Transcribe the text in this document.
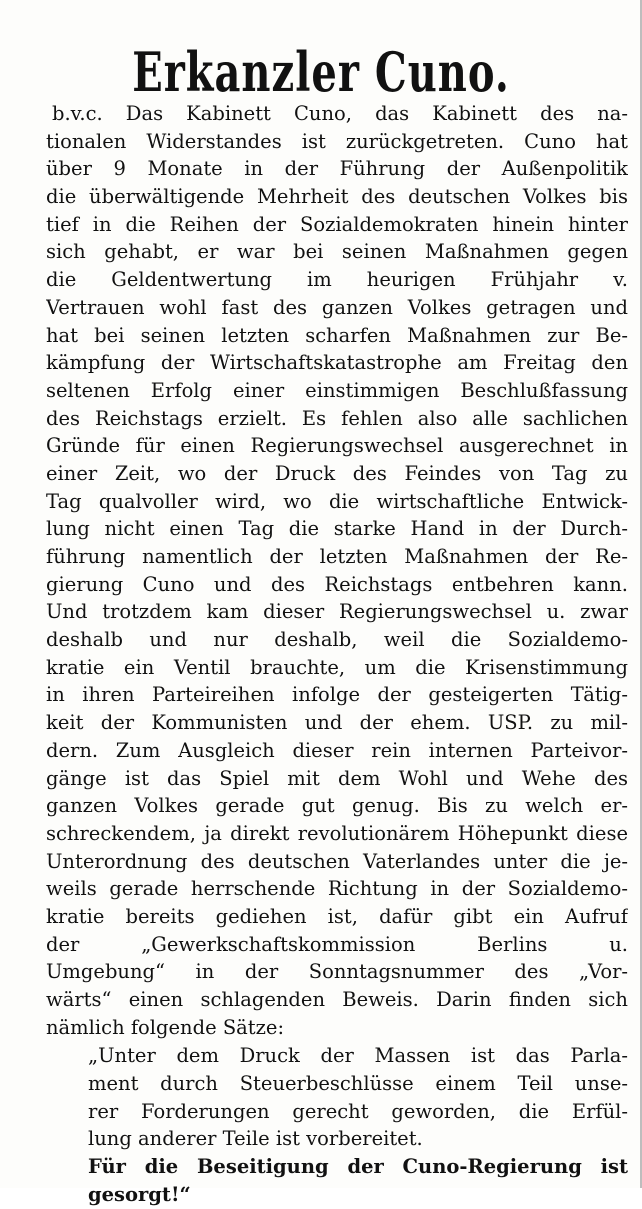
Erkanzler Cuno.
b.v.c. Das Kabinett Cuno, das Kabinett des na-
tionalen Widerstandes ist zurückgetreten. Cuno hat
über 9 Monate in der Führung der Außenpolitik
die überwältigende Mehrheit des deutschen Volkes bis
tief in die Reihen der Sozialdemokraten hinein hinter
sich gehabt, er war bei seinen Maßnahmen gegen
die Geldentwertung im heurigen Frühjahr v.
Vertrauen wohl fast des ganzen Volkes getragen und
hat bei seinen letzten scharfen Maßnahmen zur Be-
kämpfung der Wirtschaftskatastrophe am Freitag den
seltenen Erfolg einer einstimmigen Beschlußfassung
des Reichstags erzielt. Es fehlen also alle sachlichen
Gründe für einen Regierungswechsel ausgerechnet in
einer Zeit, wo der Druck des Feindes von Tag zu
Tag qualvoller wird, wo die wirtschaftliche Entwick-
lung nicht einen Tag die starke Hand in der Durch-
führung namentlich der letzten Maßnahmen der Re-
gierung Cuno und des Reichstags entbehren kann.
Und trotzdem kam dieser Regierungswechsel u. zwar
deshalb und nur deshalb, weil die Sozialdemo-
kratie ein Ventil brauchte, um die Krisenstimmung
in ihren Parteireihen infolge der gesteigerten Tätig-
keit der Kommunisten und der ehem. USP. zu mil-
dern. Zum Ausgleich dieser rein internen Parteivor-
gänge ist das Spiel mit dem Wohl und Wehe des
ganzen Volkes gerade gut genug. Bis zu welch er-
schreckendem, ja direkt revolutionärem Höhepunkt diese
Unterordnung des deutschen Vaterlandes unter die je-
weils gerade herrschende Richtung in der Sozialdemo-
kratie bereits gediehen ist, dafür gibt ein Aufruf
der „Gewerkschaftskommission Berlins u.
Umgebung“ in der Sonntagsnummer des „Vor-
wärts“ einen schlagenden Beweis. Darin finden sich
nämlich folgende Sätze:
„Unter dem Druck der Massen ist das Parla-
ment durch Steuerbeschlüsse einem Teil unse-
rer Forderungen gerecht geworden, die Erfül-
lung anderer Teile ist vorbereitet.
Für die Beseitigung der Cuno-Regierung ist
gesorgt!“
